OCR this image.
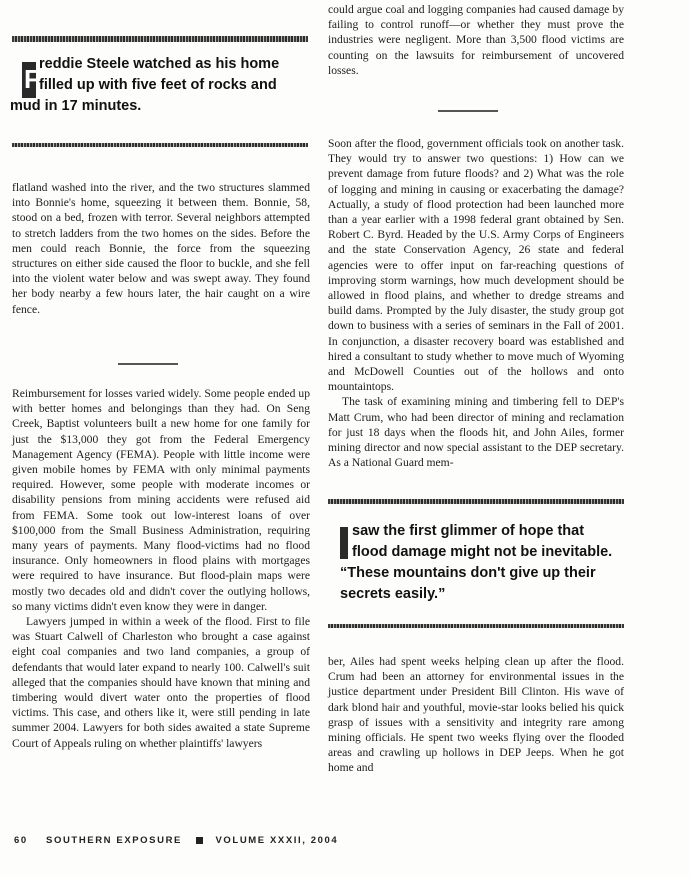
F reddie Steele watched as his home
filled up with five feet of rocks and
mud in 17 minutes.

flatland washed into the river, and the two structures slammed into Bonnie's home, squeezing it between them. Bonnie, 58, stood on a bed, frozen with terror. Several neighbors attempted to stretch ladders from the two homes on the sides. Before the men could reach Bonnie, the force from the squeezing structures on either side caused the floor to buckle, and she fell into the violent water below and was swept away. They found her body nearby a few hours later, the hair caught on a wire fence.

Reimbursement for losses varied widely. Some people ended up with better homes and belongings than they had. On Seng Creek, Baptist volunteers built a new home for one family for just the $13,000 they got from the Federal Emergency Management Agency (FEMA). People with little income were given mobile homes by FEMA with only minimal payments required. However, some people with moderate incomes or disability pensions from mining accidents were refused aid from FEMA. Some took out low-interest loans of over $100,000 from the Small Business Administration, requiring many years of payments. Many flood-victims had no flood insurance. Only homeowners in flood plains with mortgages were required to have insurance. But flood-plain maps were mostly two decades old and didn't cover the outlying hollows, so many victims didn't even know they were in danger.

Lawyers jumped in within a week of the flood. First to file was Stuart Calwell of Charleston who brought a case against eight coal companies and two land companies, a group of defendants that would later expand to nearly 100. Calwell's suit alleged that the companies should have known that mining and timbering would divert water onto the properties of flood victims. This case, and others like it, were still pending in late summer 2004. Lawyers for both sides awaited a state Supreme Court of Appeals ruling on whether plaintiffs' lawyers

could argue coal and logging companies had caused damage by failing to control runoff—or whether they must prove the industries were negligent. More than 3,500 flood victims are counting on the lawsuits for reimbursement of uncovered losses.

Soon after the flood, government officials took on another task. They would try to answer two questions: 1) How can we prevent damage from future floods? and 2) What was the role of logging and mining in causing or exacerbating the damage? Actually, a study of flood protection had been launched more than a year earlier with a 1998 federal grant obtained by Sen. Robert C. Byrd. Headed by the U.S. Army Corps of Engineers and the state Conservation Agency, 26 state and federal agencies were to offer input on far-reaching questions of improving storm warnings, how much development should be allowed in flood plains, and whether to dredge streams and build dams. Prompted by the July disaster, the study group got down to business with a series of seminars in the Fall of 2001. In conjunction, a disaster recovery board was established and hired a consultant to study whether to move much of Wyoming and McDowell Counties out of the hollows and onto mountaintops.

The task of examining mining and timbering fell to DEP's Matt Crum, who had been director of mining and reclamation for just 18 days when the floods hit, and John Ailes, former mining director and now special assistant to the DEP secretary. As a National Guard mem-

saw the first glimmer of hope that
flood damage might not be inevitable.
“These mountains don't give up their
secrets easily.”

ber, Ailes had spent weeks helping clean up after the flood. Crum had been an attorney for environmental issues in the justice department under President Bill Clinton. His wave of dark blond hair and youthful, movie-star looks belied his quick grasp of issues with a sensitivity and integrity rare among mining officials. He spent two weeks flying over the flooded areas and crawling up hollows in DEP Jeeps. When he got home and

60 SOUTHERN EXPOSURE	VOLUME XXXII, 2004
